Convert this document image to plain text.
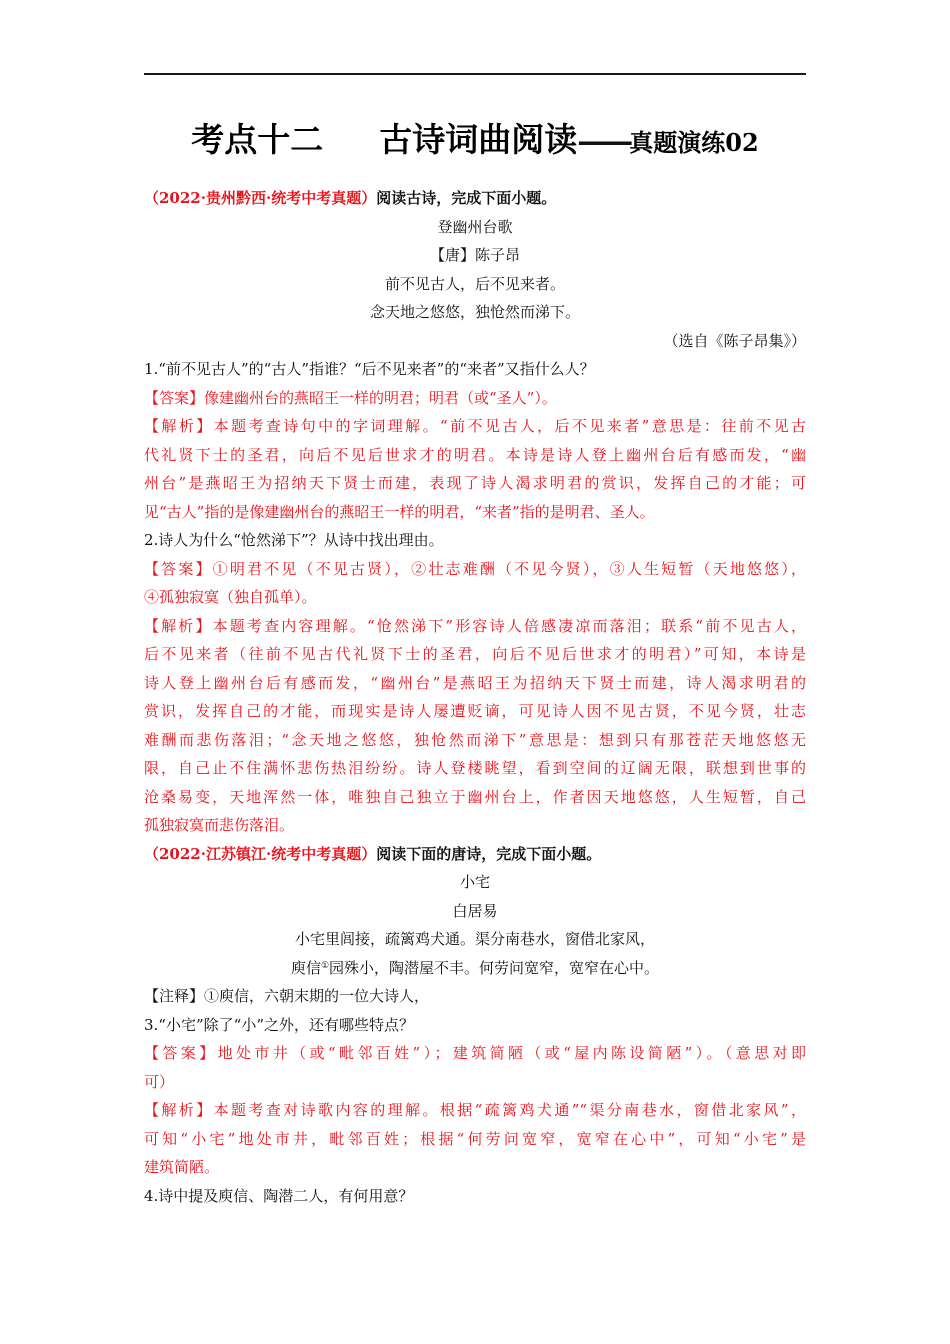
考点十二 古诗词曲阅读——真题演练02
（2022·贵州黔西·统考中考真题）阅读古诗，完成下面小题。
登幽州台歌
【唐】陈子昂
前不见古人，后不见来者。
念天地之悠悠，独怆然而涕下。
（选自《陈子昂集》）
1.“前不见古人”的“古人”指谁？“后不见来者”的“来者”又指什么人？
【答案】像建幽州台的燕昭王一样的明君；明君（或“圣人”）。
【解析】本题考查诗句中的字词理解。“前不见古人，后不见来者”意思是：往前不见古
代礼贤下士的圣君，向后不见后世求才的明君。本诗是诗人登上幽州台后有感而发，“幽
州台”是燕昭王为招纳天下贤士而建，表现了诗人渴求明君的赏识，发挥自己的才能；可
见“古人”指的是像建幽州台的燕昭王一样的明君，“来者”指的是明君、圣人。
2.诗人为什么“怆然涕下”？从诗中找出理由。
【答案】①明君不见（不见古贤），②壮志难酬（不见今贤），③人生短暂（天地悠悠），
④孤独寂寞（独自孤单）。
【解析】本题考查内容理解。“怆然涕下”形容诗人倍感凄凉而落泪；联系“前不见古人，
后不见来者（往前不见古代礼贤下士的圣君，向后不见后世求才的明君）”可知，本诗是
诗人登上幽州台后有感而发，“幽州台”是燕昭王为招纳天下贤士而建，诗人渴求明君的
赏识，发挥自己的才能，而现实是诗人屡遭贬谪，可见诗人因不见古贤，不见今贤，壮志
难酬而悲伤落泪；“念天地之悠悠，独怆然而涕下”意思是：想到只有那苍茫天地悠悠无
限，自己止不住满怀悲伤热泪纷纷。诗人登楼眺望，看到空间的辽阔无限，联想到世事的
沧桑易变，天地浑然一体，唯独自己独立于幽州台上，作者因天地悠悠，人生短暂，自己
孤独寂寞而悲伤落泪。
（2022·江苏镇江·统考中考真题）阅读下面的唐诗，完成下面小题。
小宅
白居易
小宅里闾接，疏篱鸡犬通。渠分南巷水，窗借北家风，
庾信①园殊小，陶潜屋不丰。何劳问宽窄，宽窄在心中。
【注释】①庾信，六朝末期的一位大诗人，
3.“小宅”除了“小”之外，还有哪些特点？
【答案】地处市井（或“毗邻百姓”）；建筑简陋（或“屋内陈设简陋”）。（意思对即
可）
【解析】本题考查对诗歌内容的理解。根据“疏篱鸡犬通”“渠分南巷水，窗借北家风”，
可知“小宅”地处市井，毗邻百姓；根据“何劳问宽窄，宽窄在心中”，可知“小宅”是
建筑简陋。
4.诗中提及庾信、陶潜二人，有何用意？
